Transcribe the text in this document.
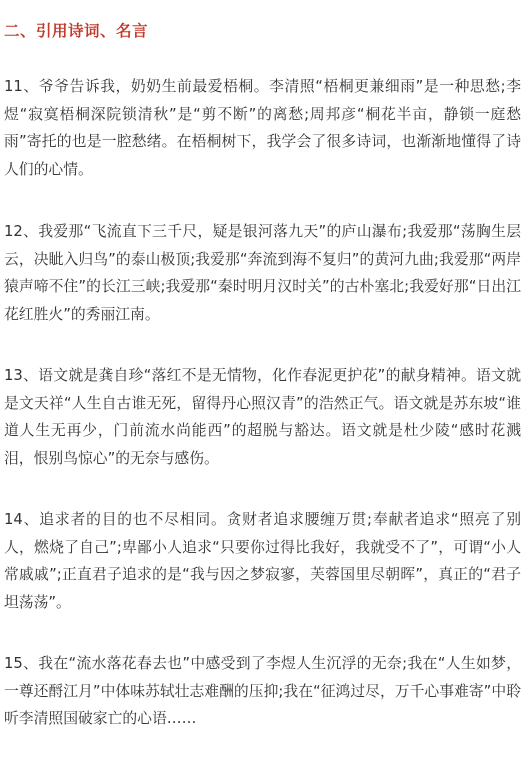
二、引用诗词、名言

11、爷爷告诉我，奶奶生前最爱梧桐。李清照“梧桐更兼细雨”是一种思愁;李煜“寂寞梧桐深院锁清秋”是“剪不断”的离愁;周邦彦“桐花半亩，静锁一庭愁雨”寄托的也是一腔愁绪。在梧桐树下，我学会了很多诗词，也渐渐地懂得了诗人们的心情。

12、我爱那“飞流直下三千尺，疑是银河落九天”的庐山瀑布;我爱那“荡胸生层云，决眦入归鸟”的泰山极顶;我爱那“奔流到海不复归”的黄河九曲;我爱那“两岸猿声啼不住”的长江三峡;我爱那“秦时明月汉时关”的古朴塞北;我爱好那“日出江花红胜火”的秀丽江南。

13、语文就是龚自珍“落红不是无情物，化作春泥更护花”的献身精神。语文就是文天祥“人生自古谁无死，留得丹心照汉青”的浩然正气。语文就是苏东坡“谁道人生无再少，门前流水尚能西”的超脱与豁达。语文就是杜少陵“感时花溅泪，恨别鸟惊心”的无奈与感伤。

14、追求者的目的也不尽相同。贪财者追求腰缠万贯;奉献者追求“照亮了别人，燃烧了自己”;卑鄙小人追求“只要你过得比我好，我就受不了”，可谓“小人常戚戚”;正直君子追求的是“我与因之梦寂寥，芙蓉国里尽朝晖”，真正的“君子坦荡荡”。

15、我在“流水落花春去也”中感受到了李煜人生沉浮的无奈;我在“人生如梦，一尊还酹江月”中体味苏轼壮志难酬的压抑;我在“征鸿过尽，万千心事难寄”中聆听李清照国破家亡的心语……
